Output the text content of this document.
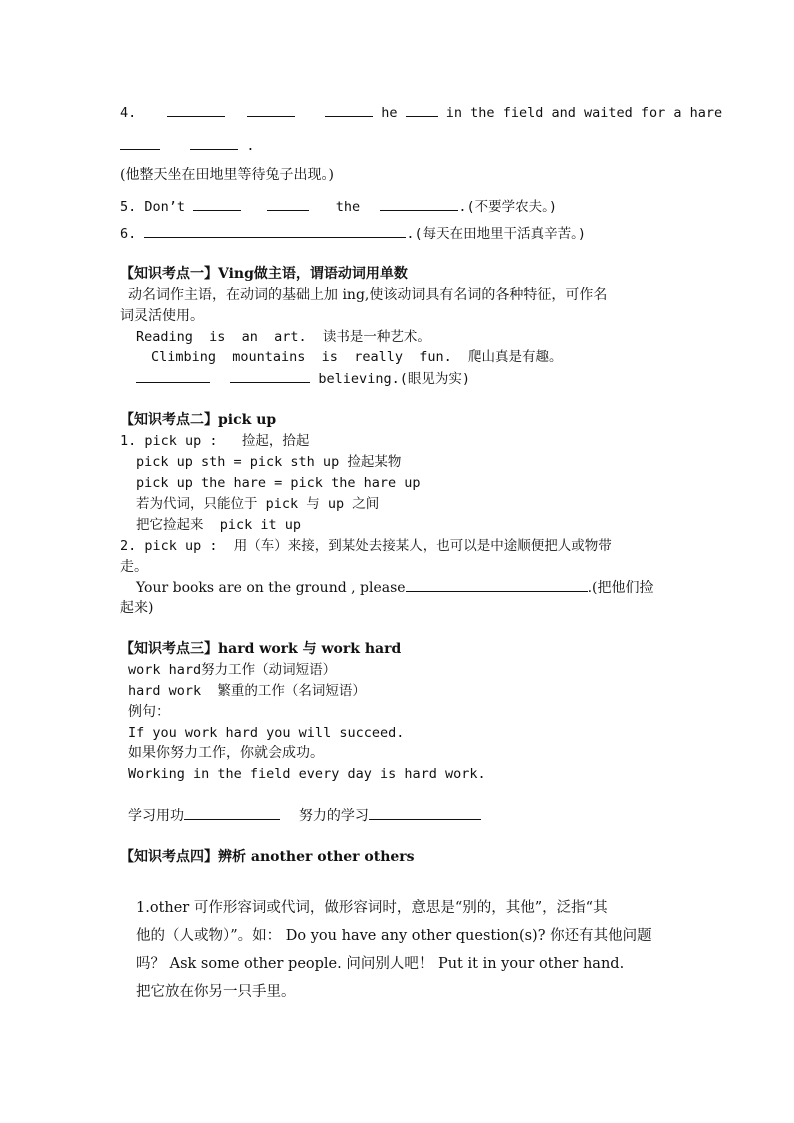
4.	he	in the field and waited for a hare
.
(他整天坐在田地里等待兔子出现。)
5. Don’t	the	.(不要学农夫。)
6.	.(每天在田地里干活真辛苦。)
【知识考点一】Ving做主语，谓语动词用单数
动名词作主语，在动词的基础上加 ing,使该动词具有名词的各种特征，可作名
词灵活使用。
Reading  is  an  art.  读书是一种艺术。
Climbing  mountains  is  really  fun.  爬山真是有趣。
believing.(眼见为实)
【知识考点二】pick up
1. pick up :   捡起，拾起
pick up sth = pick sth up 捡起某物
pick up the hare = pick the hare up
若为代词，只能位于 pick 与 up 之间
把它捡起来  pick it up
2. pick up :  用（车）来接，到某处去接某人，也可以是中途顺便把人或物带
走。
Your books are on the ground , please	.(把他们捡
起来)
【知识考点三】hard work 与 work hard
work hard努力工作（动词短语）
hard work  繁重的工作（名词短语）
例句：
If you work hard you will succeed.
如果你努力工作，你就会成功。
Working in the field every day is hard work.
学习用功	努力的学习
【知识考点四】辨析 another other others
1.other 可作形容词或代词，做形容词时，意思是“别的，其他”，泛指“其
他的（人或物）”。如： Do you have any other question(s)? 你还有其他问题
吗？ Ask some other people. 问问别人吧！ Put it in your other hand.
把它放在你另一只手里。
